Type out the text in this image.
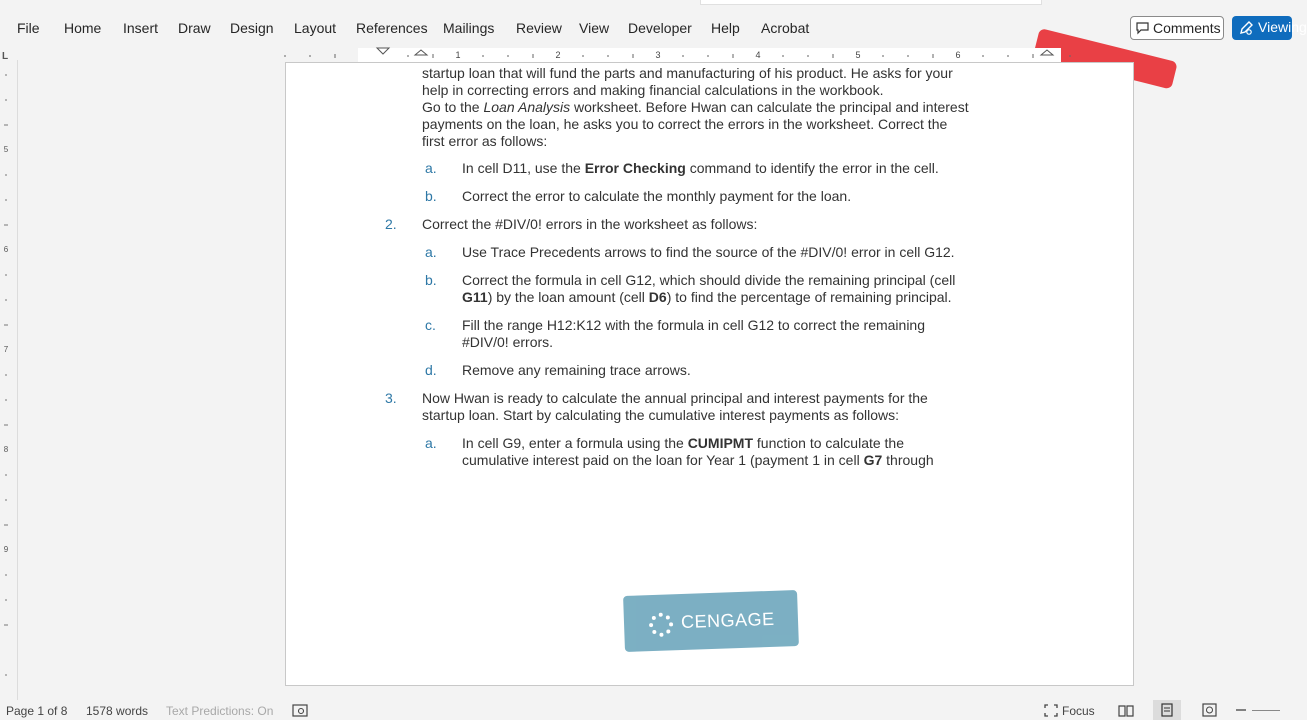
File Home Insert Draw Design Layout References Mailings Review View Developer Help Acrobat	Comments	Viewing
L	1	2	3	4	5	6
5
6
7
8
9
startup loan that will fund the parts and manufacturing of his product. He asks for your
help in correcting errors and making financial calculations in the workbook.
Go to the Loan Analysis worksheet. Before Hwan can calculate the principal and interest
payments on the loan, he asks you to correct the errors in the worksheet. Correct the
first error as follows:
a. In cell D11, use the Error Checking command to identify the error in the cell.
b. Correct the error to calculate the monthly payment for the loan.
2. Correct the #DIV/0! errors in the worksheet as follows:
a. Use Trace Precedents arrows to find the source of the #DIV/0! error in cell G12.
b. Correct the formula in cell G12, which should divide the remaining principal (cell
G11) by the loan amount (cell D6) to find the percentage of remaining principal.
c. Fill the range H12:K12 with the formula in cell G12 to correct the remaining
#DIV/0! errors.
d. Remove any remaining trace arrows.
3. Now Hwan is ready to calculate the annual principal and interest payments for the
startup loan. Start by calculating the cumulative interest payments as follows:
a. In cell G9, enter a formula using the CUMIPMT function to calculate the
cumulative interest paid on the loan for Year 1 (payment 1 in cell G7 through
CENGAGE
Page 1 of 8 1578 words Text Predictions: On	Focus
